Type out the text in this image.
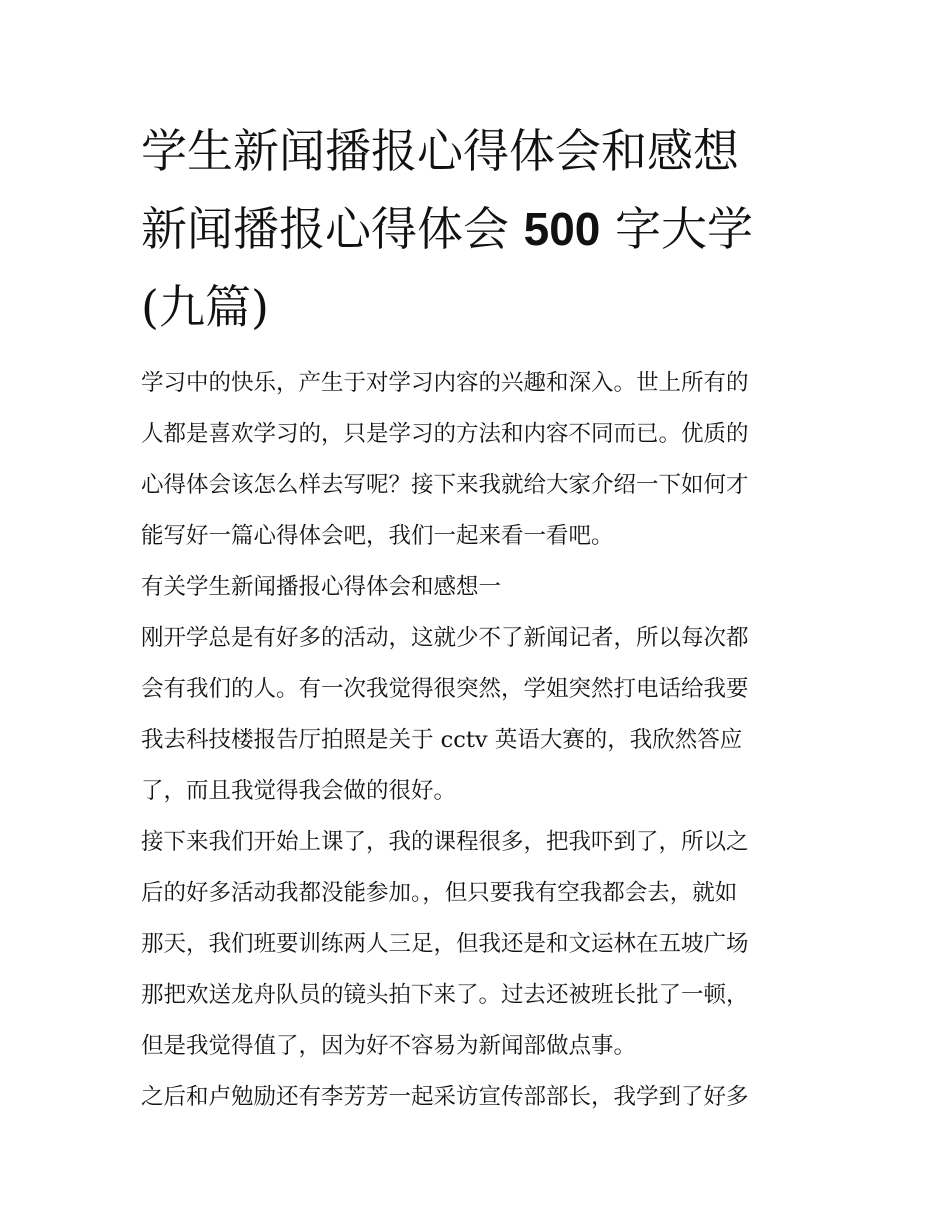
学生新闻播报心得体会和感想
新闻播报心得体会 500 字大学
(九篇)
学习中的快乐，产生于对学习内容的兴趣和深入。世上所有的
人都是喜欢学习的，只是学习的方法和内容不同而已。优质的
心得体会该怎么样去写呢？接下来我就给大家介绍一下如何才
能写好一篇心得体会吧，我们一起来看一看吧。
有关学生新闻播报心得体会和感想一
刚开学总是有好多的活动，这就少不了新闻记者，所以每次都
会有我们的人。有一次我觉得很突然，学姐突然打电话给我要
我去科技楼报告厅拍照是关于 cctv 英语大赛的，我欣然答应
了，而且我觉得我会做的很好。
接下来我们开始上课了，我的课程很多，把我吓到了，所以之
后的好多活动我都没能参加。，但只要我有空我都会去，就如
那天，我们班要训练两人三足，但我还是和文运林在五坡广场
那把欢送龙舟队员的镜头拍下来了。过去还被班长批了一顿，
但是我觉得值了，因为好不容易为新闻部做点事。
之后和卢勉励还有李芳芳一起采访宣传部部长，我学到了好多
